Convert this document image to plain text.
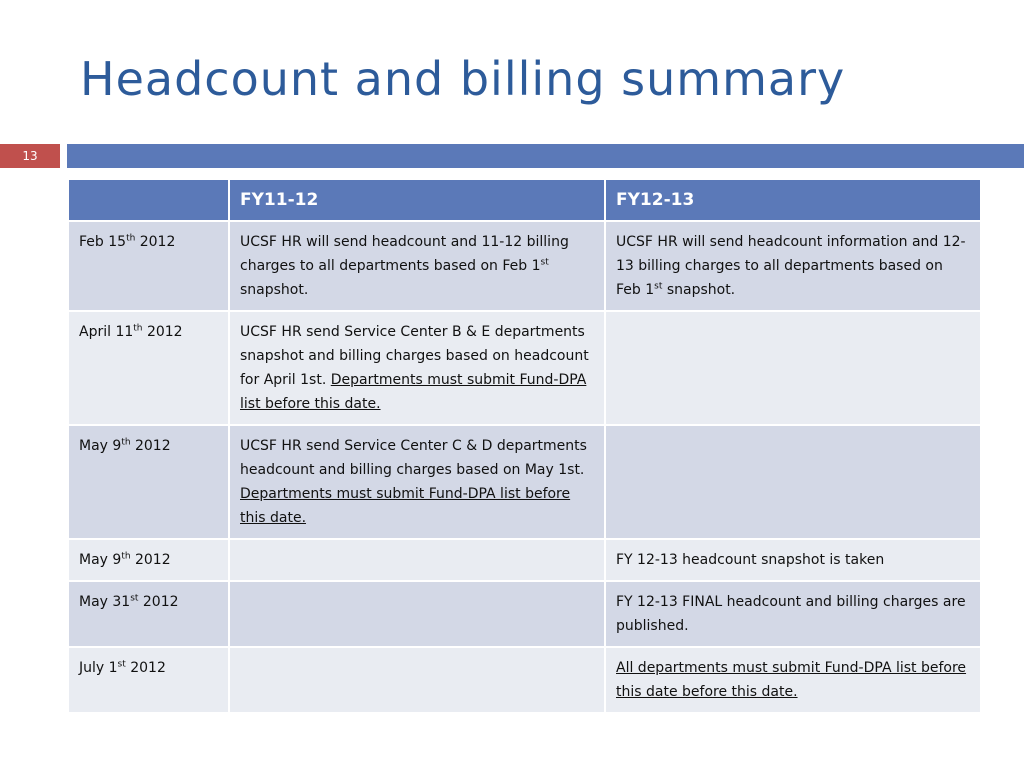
Headcount and billing summary
13
	FY11-12	FY12-13
Feb 15th 2012	UCSF HR will send headcount and 11-12 billing charges to all departments based on Feb 1st snapshot.	UCSF HR will send headcount information and 12-13 billing charges to all departments based on Feb 1st snapshot.
April 11th 2012	UCSF HR send Service Center B & E departments snapshot and billing charges based on headcount for April 1st. Departments must submit Fund-DPA list before this date.	
May 9th 2012	UCSF HR send Service Center C & D departments headcount and billing charges based on May 1st. Departments must submit Fund-DPA list before this date.	
May 9th 2012		FY 12-13 headcount snapshot is taken
May 31st 2012		FY 12-13 FINAL headcount and billing charges are published.
July 1st 2012		All departments must submit Fund-DPA list before this date before this date.
